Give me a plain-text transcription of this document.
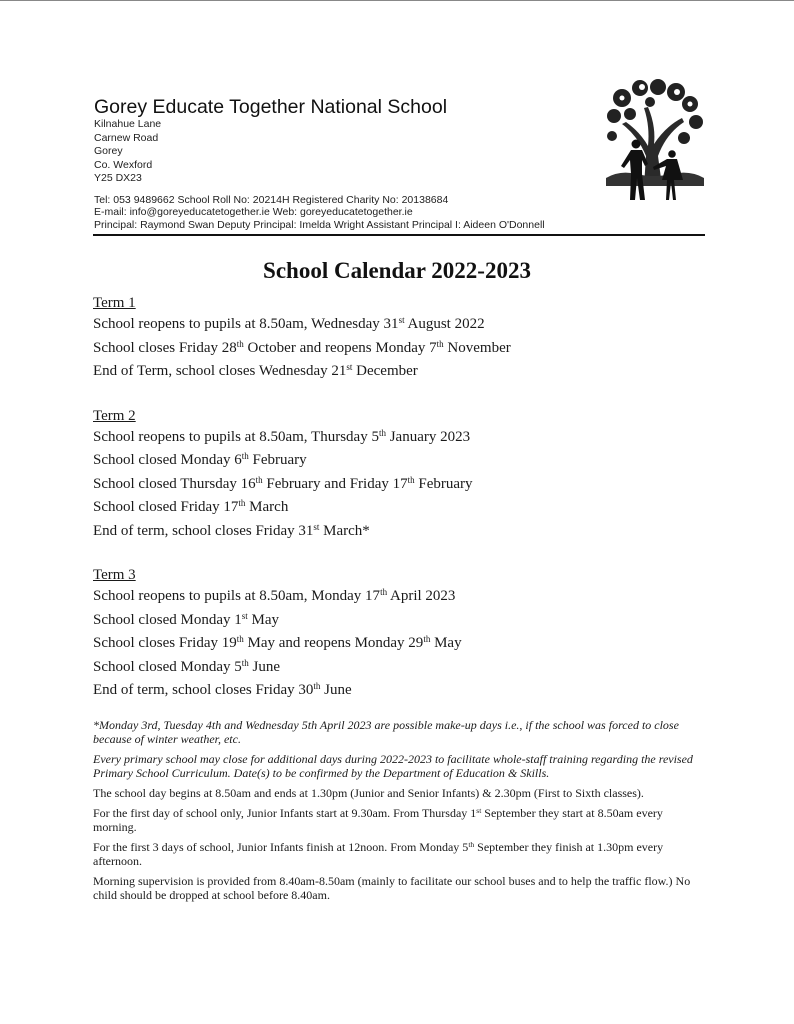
Gorey Educate Together National School
Kilnahue Lane
Carnew Road
Gorey
Co. Wexford
Y25 DX23
Tel: 053 9489662 School Roll No: 20214H Registered Charity No: 20138684
E-mail: info@goreyeducatetogether.ie Web: goreyeducatetogether.ie
Principal: Raymond Swan Deputy Principal: Imelda Wright Assistant Principal I: Aideen O'Donnell
School Calendar 2022-2023
Term 1
School reopens to pupils at 8.50am, Wednesday 31st August 2022
School closes Friday 28th October and reopens Monday 7th November
End of Term, school closes Wednesday 21st December
Term 2
School reopens to pupils at 8.50am, Thursday 5th January 2023
School closed Monday 6th February
School closed Thursday 16th February and Friday 17th February
School closed Friday 17th March
End of term, school closes Friday 31st March*
Term 3
School reopens to pupils at 8.50am, Monday 17th April 2023
School closed Monday 1st May
School closes Friday 19th May and reopens Monday 29th May
School closed Monday 5th June
End of term, school closes Friday 30th June
*Monday 3rd, Tuesday 4th and Wednesday 5th April 2023 are possible make-up days i.e., if the school was forced to close because of winter weather, etc.
Every primary school may close for additional days during 2022-2023 to facilitate whole-staff training regarding the revised Primary School Curriculum. Date(s) to be confirmed by the Department of Education & Skills.
The school day begins at 8.50am and ends at 1.30pm (Junior and Senior Infants) & 2.30pm (First to Sixth classes).
For the first day of school only, Junior Infants start at 9.30am. From Thursday 1st September they start at 8.50am every morning.
For the first 3 days of school, Junior Infants finish at 12noon. From Monday 5th September they finish at 1.30pm every afternoon.
Morning supervision is provided from 8.40am-8.50am (mainly to facilitate our school buses and to help the traffic flow.) No child should be dropped at school before 8.40am.
